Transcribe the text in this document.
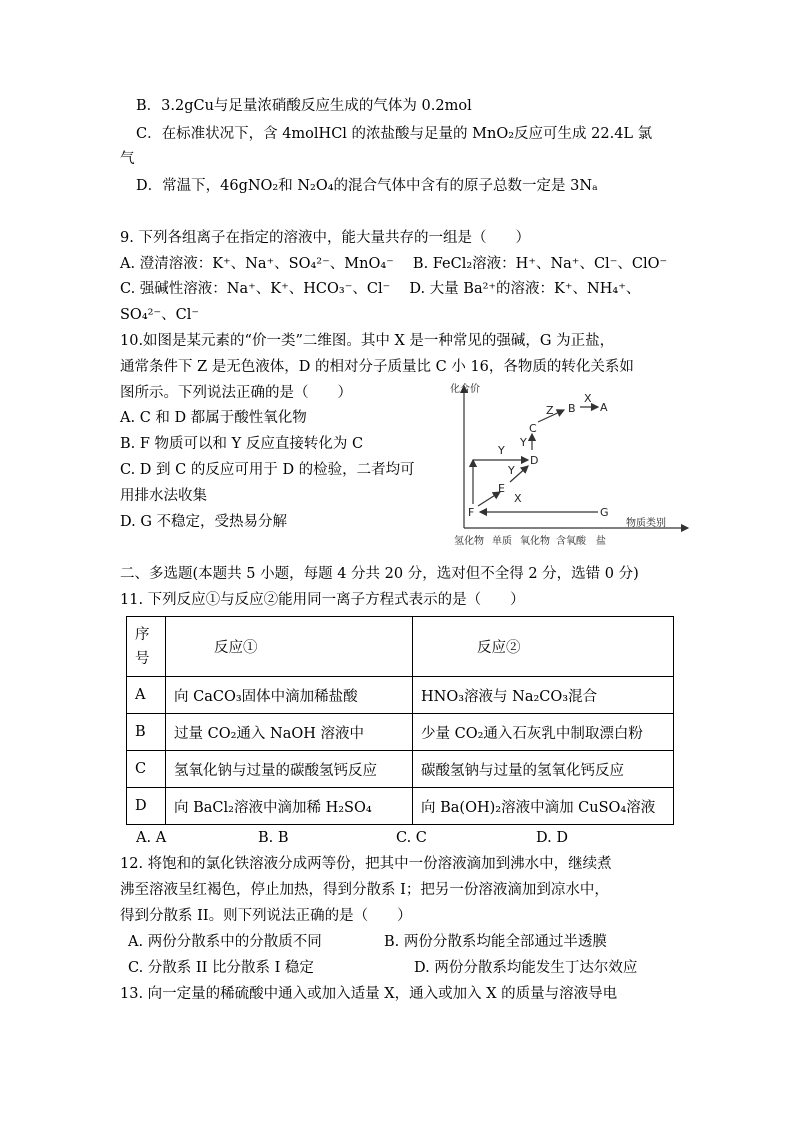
B．3.2gCu与足量浓硝酸反应生成的气体为 0.2mol
C．在标准状况下，含 4molHCl 的浓盐酸与足量的 MnO₂反应可生成 22.4L 氯
气
D．常温下，46gNO₂和 N₂O₄的混合气体中含有的原子总数一定是 3Nₐ
9. 下列各组离子在指定的溶液中，能大量共存的一组是（　　）
A. 澄清溶液：K⁺、Na⁺、SO₄²⁻、MnO₄⁻　 B. FeCl₂溶液：H⁺、Na⁺、Cl⁻、ClO⁻
C. 强碱性溶液：Na⁺、K⁺、HCO₃⁻、Cl⁻　 D. 大量 Ba²⁺的溶液：K⁺、NH₄⁺、
SO₄²⁻、Cl⁻
10.如图是某元素的“价一类”二维图。其中 X 是一种常见的强碱，G 为正盐，
通常条件下 Z 是无色液体，D 的相对分子质量比 C 小 16，各物质的转化关系如
图所示。下列说法正确的是（　　）
A. C 和 D 都属于酸性氧化物
B. F 物质可以和 Y 反应直接转化为 C
C. D 到 C 的反应可用于 D 的检验，二者均可
用排水法收集
D. G 不稳定，受热易分解
化合价
物质类别
氢化物 单质 氧化物 含氧酸 盐
A
B
C
D
E
F	G
X
Z
Y
Y
Y
X
二、多选题(本题共 5 小题，每题 4 分共 20 分，选对但不全得 2 分，选错 0 分)
11. 下列反应①与反应②能用同一离子方程式表示的是（　　）
序号	反应①	反应②
A	向 CaCO₃固体中滴加稀盐酸	HNO₃溶液与 Na₂CO₃混合
B	过量 CO₂通入 NaOH 溶液中	少量 CO₂通入石灰乳中制取漂白粉
C	氢氧化钠与过量的碳酸氢钙反应	碳酸氢钠与过量的氢氧化钙反应
D	向 BaCl₂溶液中滴加稀 H₂SO₄	向 Ba(OH)₂溶液中滴加 CuSO₄溶液
A. A	B. B	C. C	D. D
12. 将饱和的氯化铁溶液分成两等份，把其中一份溶液滴加到沸水中，继续煮
沸至溶液呈红褐色，停止加热，得到分散系 I；把另一份溶液滴加到凉水中，
得到分散系 II。则下列说法正确的是（　　）
A. 两份分散系中的分散质不同	B. 两份分散系均能全部通过半透膜
C. 分散系 II 比分散系 I 稳定	D. 两份分散系均能发生丁达尔效应
13. 向一定量的稀硫酸中通入或加入适量 X，通入或加入 X 的质量与溶液导电
